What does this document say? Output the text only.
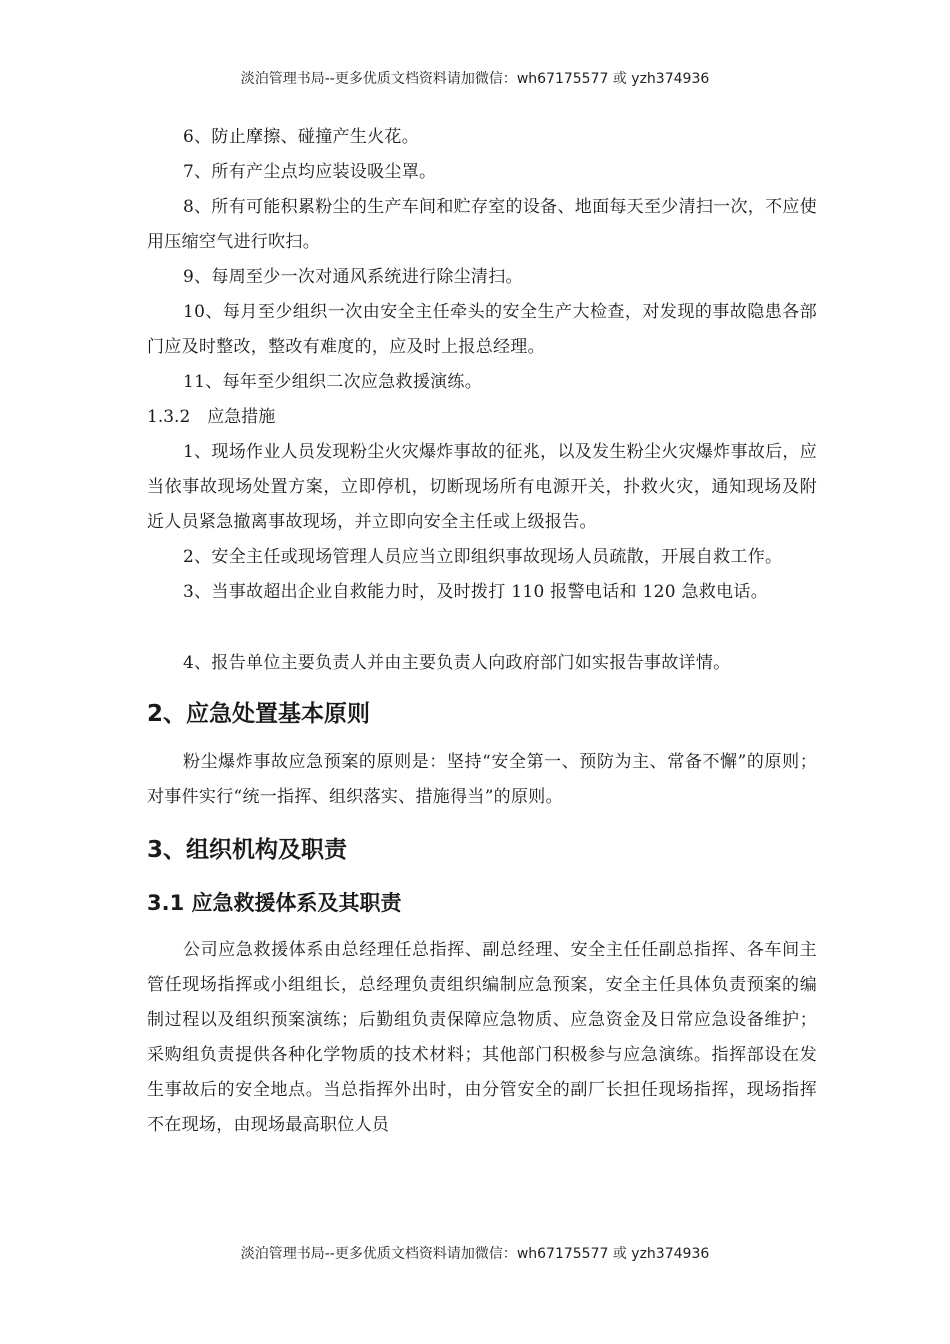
淡泊管理书局--更多优质文档资料请加微信：wh67175577 或 yzh374936

6、防止摩擦、碰撞产生火花。

7、所有产尘点均应装设吸尘罩。

8、所有可能积累粉尘的生产车间和贮存室的设备、地面每天至少清扫一次，不应使用压缩空气进行吹扫。

9、每周至少一次对通风系统进行除尘清扫。

10、每月至少组织一次由安全主任牵头的安全生产大检查，对发现的事故隐患各部门应及时整改，整改有难度的，应及时上报总经理。

11、每年至少组织二次应急救援演练。

1.3.2　应急措施

1、现场作业人员发现粉尘火灾爆炸事故的征兆，以及发生粉尘火灾爆炸事故后，应当依事故现场处置方案，立即停机，切断现场所有电源开关，扑救火灾，通知现场及附近人员紧急撤离事故现场，并立即向安全主任或上级报告。

2、安全主任或现场管理人员应当立即组织事故现场人员疏散，开展自救工作。

3、当事故超出企业自救能力时，及时拨打 110 报警电话和 120 急救电话。

4、报告单位主要负责人并由主要负责人向政府部门如实报告事故详情。

2、应急处置基本原则

粉尘爆炸事故应急预案的原则是：坚持“安全第一、预防为主、常备不懈”的原则；对事件实行“统一指挥、组织落实、措施得当”的原则。

3、组织机构及职责
3.1 应急救援体系及其职责

公司应急救援体系由总经理任总指挥、副总经理、安全主任任副总指挥、各车间主管任现场指挥或小组组长，总经理负责组织编制应急预案，安全主任具体负责预案的编制过程以及组织预案演练；后勤组负责保障应急物质、应急资金及日常应急设备维护；采购组负责提供各种化学物质的技术材料；其他部门积极参与应急演练。指挥部设在发生事故后的安全地点。当总指挥外出时，由分管安全的副厂长担任现场指挥，现场指挥不在现场，由现场最高职位人员

淡泊管理书局--更多优质文档资料请加微信：wh67175577 或 yzh374936
